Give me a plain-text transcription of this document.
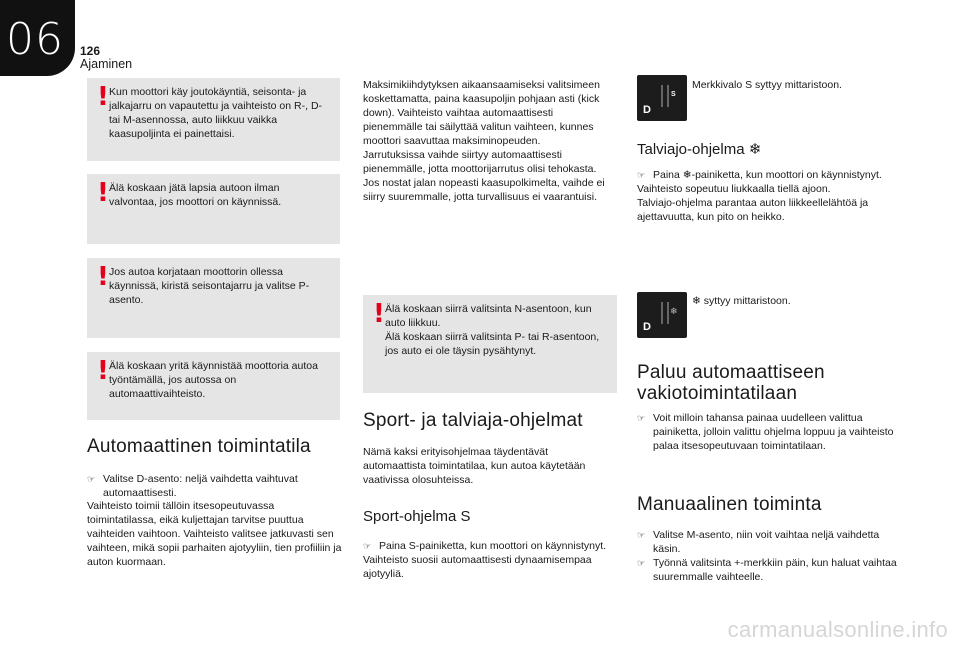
06 126
Ajaminen
! Kun moottori käy joutokäyntiä, seisonta- ja jalkajarru on vapautettu ja vaihteisto on R-, D- tai M-asennossa, auto liikkuu vaikka kaasupoljinta ei painettaisi.
! Älä koskaan jätä lapsia autoon ilman valvontaa, jos moottori on käynnissä.
! Jos autoa korjataan moottorin ollessa käynnissä, kiristä seisontajarru ja valitse P-asento.
! Älä koskaan yritä käynnistää moottoria autoa työntämällä, jos autossa on automaattivaihteisto.
Automaattinen toimintatila
☞ Valitse D-asento: neljä vaihdetta vaihtuvat automaattisesti.
Vaihteisto toimii tällöin itsesopeutuvassa toimintatilassa, eikä kuljettajan tarvitse puuttua vaihteiden vaihtoon. Vaihteisto valitsee jatkuvasti sen vaihteen, mikä sopii parhaiten ajotyyliin, tien profiiliin ja auton kuormaan.
Maksimikiihdytyksen aikaansaamiseksi valitsimeen koskettamatta, paina kaasupoljin pohjaan asti (kick down). Vaihteisto vaihtaa automaattisesti pienemmälle tai säilyttää valitun vaihteen, kunnes moottori saavuttaa maksiminopeuden.
Jarrutuksissa vaihde siirtyy automaattisesti pienemmälle, jotta moottorijarrutus olisi tehokasta.
Jos nostat jalan nopeasti kaasupolkimelta, vaihde ei siirry suuremmalle, jotta turvallisuus ei vaarantuisi.
! Älä koskaan siirrä valitsinta N-asentoon, kun auto liikkuu.
Älä koskaan siirrä valitsinta P- tai R-asentoon, jos auto ei ole täysin pysähtynyt.
Sport- ja talviaja-ohjelmat
Nämä kaksi erityisohjelmaa täydentävät automaattista toimintatilaa, kun autoa käytetään vaativissa olosuhteissa.
Sport-ohjelma S
☞ Paina S-painiketta, kun moottori on käynnistynyt.
Vaihteisto suosii automaattisesti dynaamisempaa ajotyyliä.
D
S
Merkkivalo S syttyy mittaristoon.
Talviajo-ohjelma ❄
☞ Paina ❄-painiketta, kun moottori on käynnistynyt.
Vaihteisto sopeutuu liukkaalla tiellä ajoon.
Talviajo-ohjelma parantaa auton liikkeellelähtöä ja ajettavuutta, kun pito on heikko.
D
❄
❄ syttyy mittaristoon.
Paluu automaattiseen
vakiotoimintatilaan
☞ Voit milloin tahansa painaa uudelleen valittua painiketta, jolloin valittu ohjelma loppuu ja vaihteisto palaa itsesopeutuvaan toimintatilaan.
Manuaalinen toiminta
☞ Valitse M-asento, niin voit vaihtaa neljä vaihdetta käsin.
☞ Työnnä valitsinta +-merkkiin päin, kun haluat vaihtaa suuremmalle vaihteelle.
carmanualsonline.info
